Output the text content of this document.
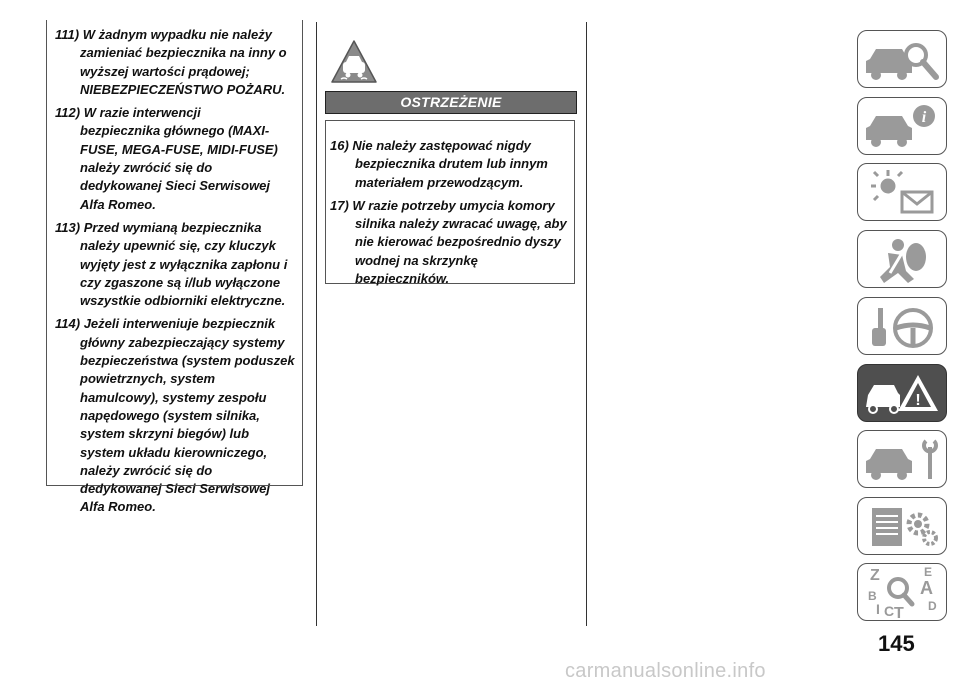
111) W żadnym wypadku nie należy
zamieniać bezpiecznika na inny o
wyższej wartości prądowej;
NIEBEZPIECZEŃSTWO POŻARU.
112) W razie interwencji
bezpiecznika głównego (MAXI-
FUSE, MEGA-FUSE, MIDI-FUSE)
należy zwrócić się do
dedykowanej Sieci Serwisowej
Alfa Romeo.
113) Przed wymianą bezpiecznika
należy upewnić się, czy kluczyk
wyjęty jest z wyłącznika zapłonu i
czy zgaszone są i/lub wyłączone
wszystkie odbiorniki elektryczne.
114) Jeżeli interweniuje bezpiecznik
główny zabezpieczający systemy
bezpieczeństwa (system poduszek
powietrznych, system
hamulcowy), systemy zespołu
napędowego (system silnika,
system skrzyni biegów) lub
system układu kierowniczego,
należy zwrócić się do
dedykowanej Sieci Serwisowej
Alfa Romeo.
OSTRZEŻENIE
16) Nie należy zastępować nigdy
bezpiecznika drutem lub innym
materiałem przewodzącym.
17) W razie potrzeby umycia komory
silnika należy zwracać uwagę, aby
nie kierować bezpośrednio dyszy
wodnej na skrzynkę
bezpieczników.
i
!
Z	E
A
B
D
I C T
145
carmanualsonline.info
